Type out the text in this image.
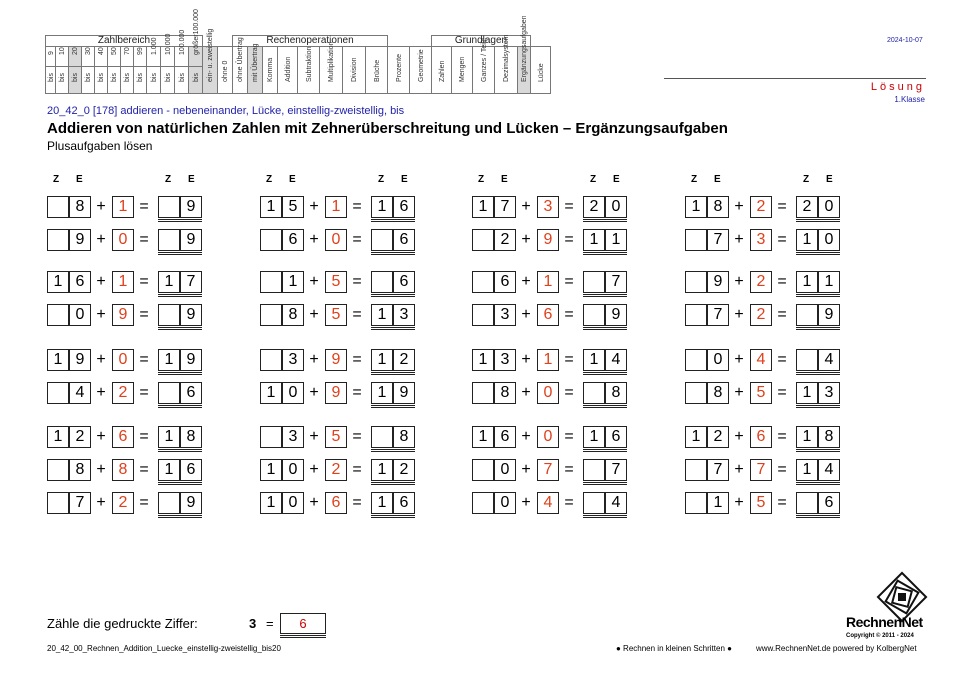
Zahlbereich														Rechenoperationen										Grundlagen					

9	10	20	30	40	50	70	99	1.000	10.000	100.000	größer100.000	ein- u. zweistellig	ohne 0	ohne Übertrag	mit Übertrag	Komma	Addition	Subtraktion	Multiplikation	Division	Brüche	Prozente	Geometrie	Zahlen	Mengen	Ganzes / Teile	Dezimalsystem	Ergänzungsaufgaben	Lücke

bis	bis	bis	bis	bis	bis	bis	bis	bis	bis	bis	bis																		
2024-10-07
Lösung
1.Klasse
20_42_0 [178] addieren - nebeneinander, Lücke, einstellig-zweistellig, bis
Addieren von natürlichen Zahlen mit Zehnerüberschreitung und Lücken – Ergänzungsaufgaben
Plusaufgaben lösen
Z E	Z E
8 + 1 =	9
9 + 0 =	9
1 6 + 1 = 1 7
0 + 9 =	9
1 9 + 0 = 1 9
4 + 2 =	6
1 2 + 6 = 1 8
8 + 8 = 1 6
7 + 2 =	9
Z E	Z E
1 5 + 1 = 1 6
6 + 0 =	6
1 + 5 =	6
8 + 5 = 1 3
3 + 9 = 1 2
1 0 + 9 = 1 9
3 + 5 =	8
1 0 + 2 = 1 2
1 0 + 6 = 1 6
Z E	Z E
1 7 + 3 = 2 0
2 + 9 = 1 1
6 + 1 =	7
3 + 6 =	9
1 3 + 1 = 1 4
8 + 0 =	8
1 6 + 0 = 1 6
0 + 7 =	7
0 + 4 =	4
Z E	Z E
1 8 + 2 = 2 0
7 + 3 = 1 0
9 + 2 = 1 1
7 + 2 =	9
0 + 4 =	4
8 + 5 = 1 3
1 2 + 6 = 1 8
7 + 7 = 1 4
1 + 5 =	6
Zähle die gedruckte Ziffer:	3 =	6
20_42_00_Rechnen_Addition_Luecke_einstellig-zweistellig_bis20	● Rechnen in kleinen Schritten ●	www.RechnenNet.de powered by KolbergNet
RechnenNet
Copyright © 2011 - 2024
